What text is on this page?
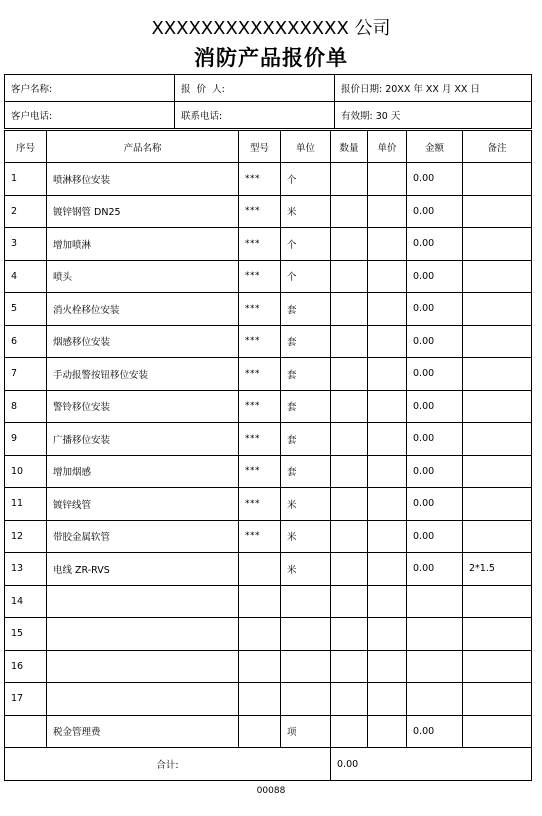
XXXXXXXXXXXXXXXX 公司
消防产品报价单
客户名称:	报  价  人:	报价日期: 20XX 年 XX 月 XX 日
客户电话:	联系电话:	有效期: 30 天
序号	产品名称	型号	单位	数量	单价	金额	备注
1	喷淋移位安装	***	个			0.00	
2	镀锌钢管 DN25	***	米			0.00	
3	增加喷淋	***	个			0.00	
4	喷头	***	个			0.00	
5	消火栓移位安装	***	套			0.00	
6	烟感移位安装	***	套			0.00	
7	手动报警按钮移位安装	***	套			0.00	
8	警铃移位安装	***	套			0.00	
9	广播移位安装	***	套			0.00	
10	增加烟感	***	套			0.00	
11	镀锌线管	***	米			0.00	
12	带胶金属软管	***	米			0.00	
13	电线 ZR-RVS		米			0.00	2*1.5
14							
15							
16							
17							
	税金管理费		项			0.00	
合计:				0.00			
00088
